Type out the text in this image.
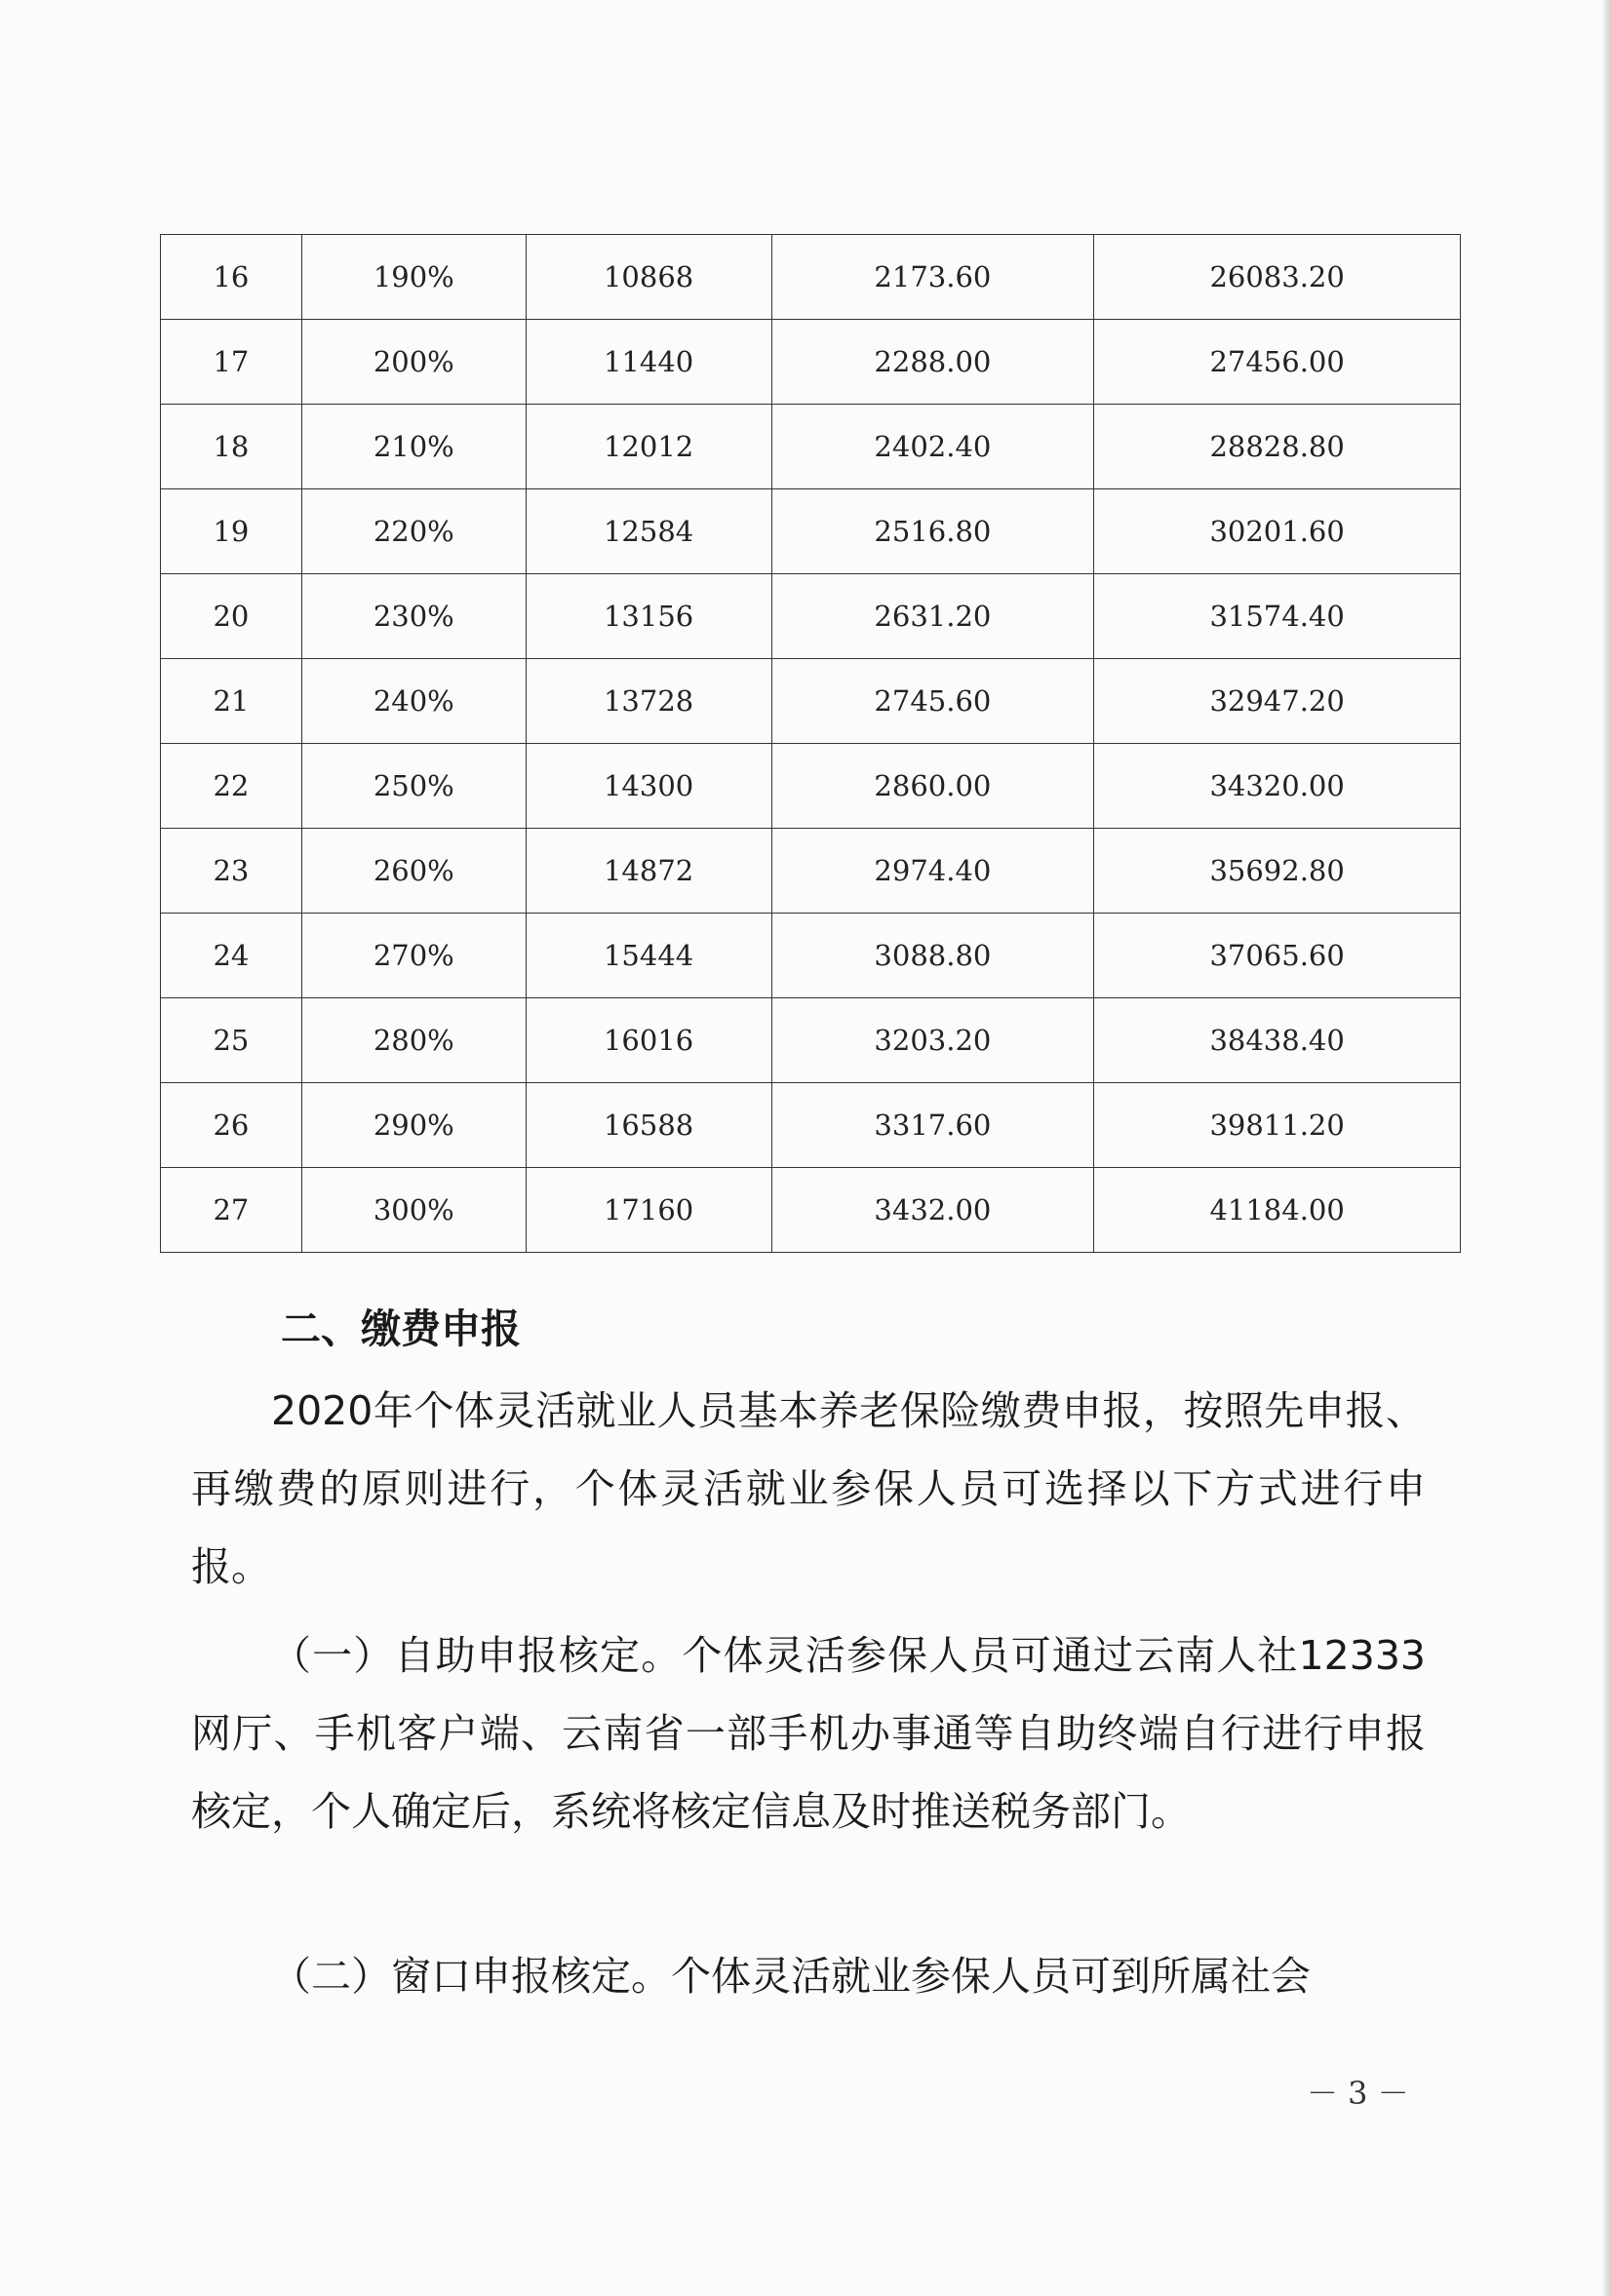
16	190%	10868	2173.60	26083.20
17	200%	11440	2288.00	27456.00
18	210%	12012	2402.40	28828.80
19	220%	12584	2516.80	30201.60
20	230%	13156	2631.20	31574.40
21	240%	13728	2745.60	32947.20
22	250%	14300	2860.00	34320.00
23	260%	14872	2974.40	35692.80
24	270%	15444	3088.80	37065.60
25	280%	16016	3203.20	38438.40
26	290%	16588	3317.60	39811.20
27	300%	17160	3432.00	41184.00
二、缴费申报

2020年个体灵活就业人员基本养老保险缴费申报，按照先申报、再缴费的原则进行，个体灵活就业参保人员可选择以下方式进行申报。

（一）自助申报核定。个体灵活参保人员可通过云南人社12333网厅、手机客户端、云南省一部手机办事通等自助终端自行进行申报核定，个人确定后，系统将核定信息及时推送税务部门。

（二）窗口申报核定。个体灵活就业参保人员可到所属社会

－ 3 －
